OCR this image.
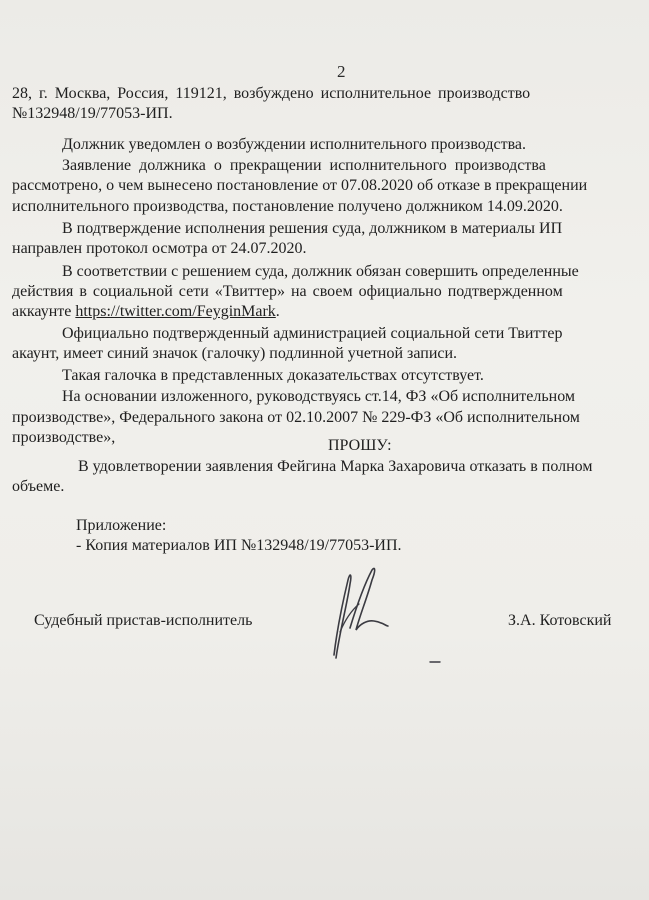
2
28, г. Москва, Россия, 119121, возбуждено исполнительное производство
№132948/19/77053-ИП.
Должник уведомлен о возбуждении исполнительного производства.
Заявление должника о прекращении исполнительного производства
рассмотрено, о чем вынесено постановление от 07.08.2020 об отказе в прекращении
исполнительного производства, постановление получено должником 14.09.2020.
В подтверждение исполнения решения суда, должником в материалы ИП
направлен протокол осмотра от 24.07.2020.
В соответствии с решением суда, должник обязан совершить определенные
действия в социальной сети «Твиттер» на своем официально подтвержденном
аккаунте https://twitter.com/FeyginMark.
Официально подтвержденный администрацией социальной сети Твиттер
акаунт, имеет синий значок (галочку) подлинной учетной записи.
Такая галочка в представленных доказательствах отсутствует.
На основании изложенного, руководствуясь ст.14, ФЗ «Об исполнительном
производстве», Федерального закона от 02.10.2007 № 229-ФЗ «Об исполнительном
производстве»,	ПРОШУ:
В удовлетворении заявления Фейгина Марка Захаровича отказать в полном
объеме.
Приложение:
- Копия материалов ИП №132948/19/77053-ИП.
Судебный пристав-исполнитель	З.А. Котовский
